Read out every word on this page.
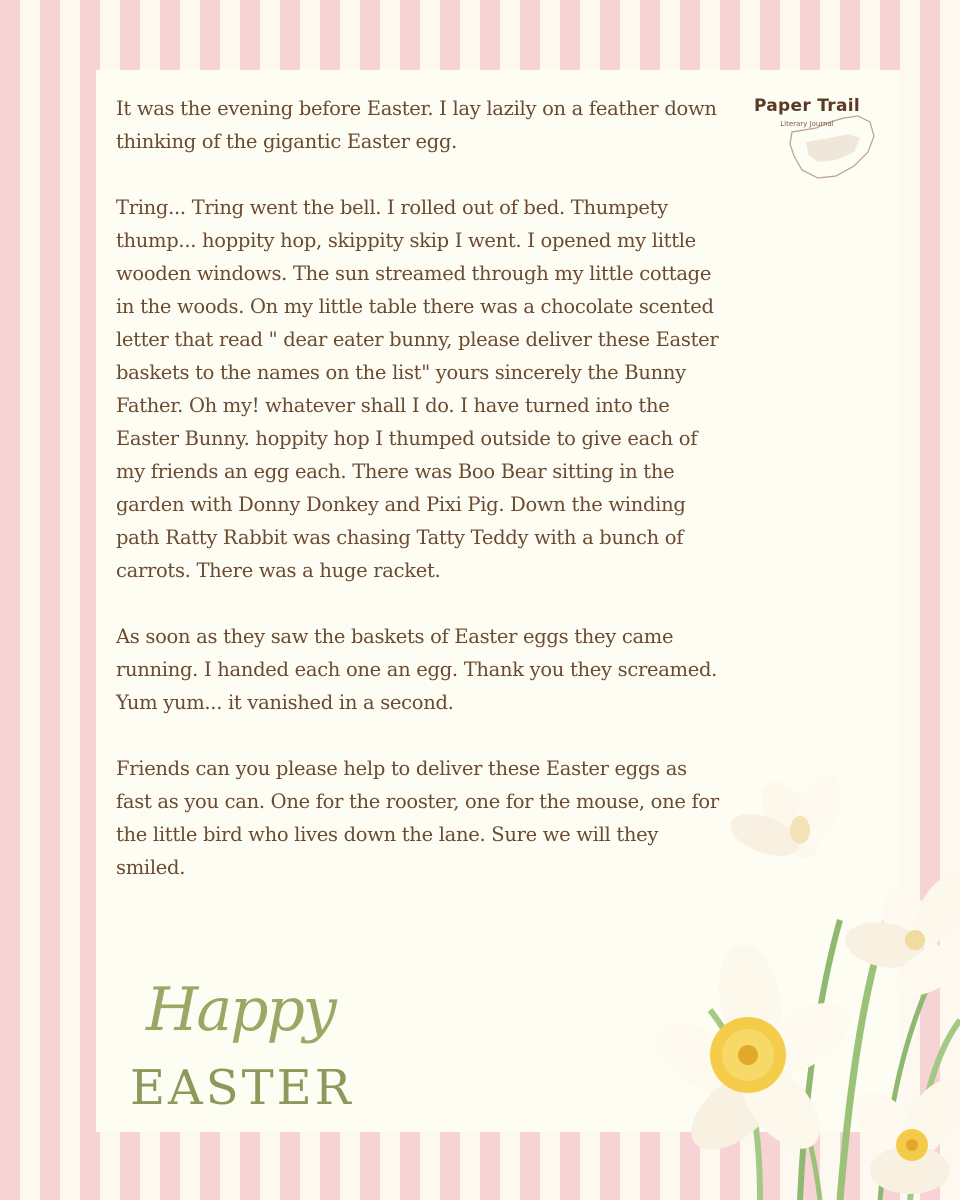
It was the evening before Easter. I lay lazily on a feather down thinking of the gigantic Easter egg.

Tring... Tring went the bell. I rolled out of bed. Thumpety thump... hoppity hop, skippity skip I went. I opened my little wooden windows. The sun streamed through my little cottage in the woods. On my little table there was a chocolate scented letter that read " dear eater bunny, please deliver these Easter baskets to the names on the list" yours sincerely the Bunny Father. Oh my! whatever shall I do. I have turned into the Easter Bunny. hoppity hop I thumped outside to give each of my friends an egg each. There was Boo Bear sitting in the garden with Donny Donkey and Pixi Pig. Down the winding path Ratty Rabbit was chasing Tatty Teddy with a bunch of carrots. There was a huge racket.

As soon as they saw the baskets of Easter eggs they came running. I handed each one an egg. Thank you they screamed. Yum yum... it vanished in a second.

Friends can you please help to deliver these Easter eggs as fast as you can. One for the rooster, one for the mouse, one for the little bird who lives down the lane. Sure we will they smiled.

Paper Trail
Literary Journal
Happy
EASTER
